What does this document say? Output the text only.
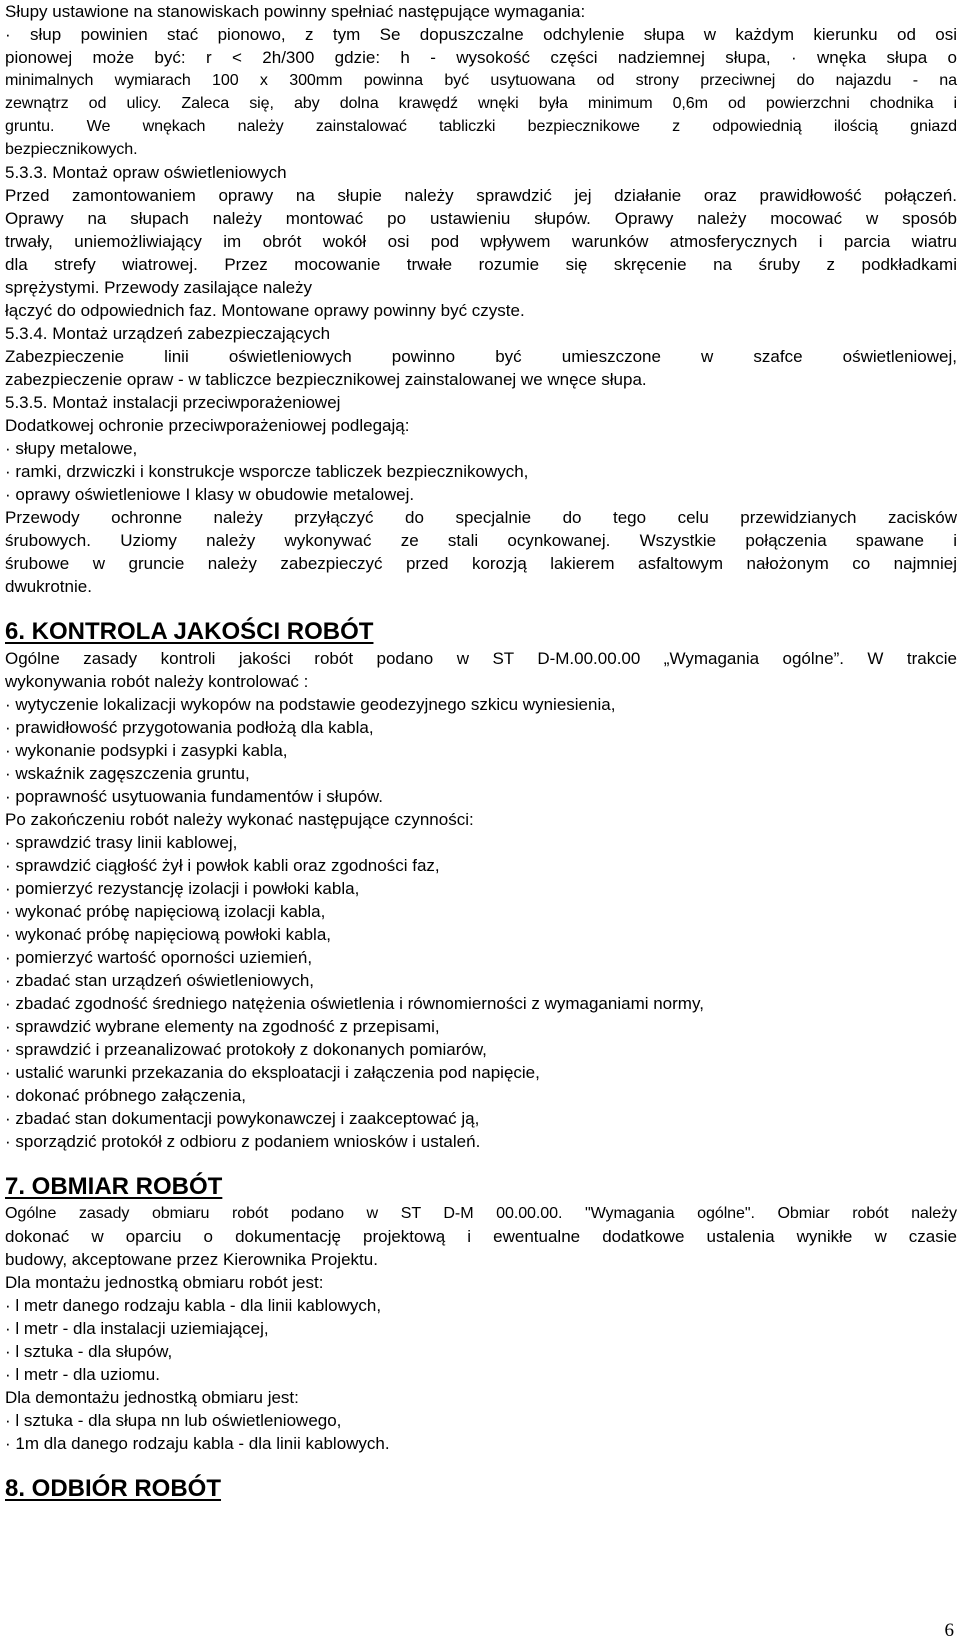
Słupy ustawione na stanowiskach powinny spełniać następujące wymagania:
· słup powinien stać pionowo, z tym Se dopuszczalne odchylenie słupa w każdym kierunku od osi
pionowej może być: r < 2h/300 gdzie: h - wysokość części nadziemnej słupa, · wnęka słupa o
minimalnych wymiarach 100 x 300mm powinna być usytuowana od strony przeciwnej do najazdu - na
zewnątrz od ulicy. Zaleca się, aby dolna krawędź wnęki była minimum 0,6m od powierzchni chodnika i
gruntu. We wnękach należy zainstalować tabliczki bezpiecznikowe z odpowiednią ilością gniazd
bezpiecznikowych.
5.3.3. Montaż opraw oświetleniowych
Przed zamontowaniem oprawy na słupie należy sprawdzić jej działanie oraz prawidłowość połączeń.
Oprawy na słupach należy montować po ustawieniu słupów. Oprawy należy mocować w sposób
trwały, uniemożliwiający im obrót wokół osi pod wpływem warunków atmosferycznych i parcia wiatru
dla strefy wiatrowej. Przez mocowanie trwałe rozumie się skręcenie na śruby z podkładkami
sprężystymi. Przewody zasilające należy
łączyć do odpowiednich faz. Montowane oprawy powinny być czyste.
5.3.4. Montaż urządzeń zabezpieczających
Zabezpieczenie linii oświetleniowych powinno być umieszczone w szafce oświetleniowej,
zabezpieczenie opraw - w tabliczce bezpiecznikowej zainstalowanej we wnęce słupa.
5.3.5. Montaż instalacji przeciwporażeniowej
Dodatkowej ochronie przeciwporażeniowej podlegają:
· słupy metalowe,
· ramki, drzwiczki i konstrukcje wsporcze tabliczek bezpiecznikowych,
· oprawy oświetleniowe I klasy w obudowie metalowej.
Przewody ochronne należy przyłączyć do specjalnie do tego celu przewidzianych zacisków
śrubowych. Uziomy należy wykonywać ze stali ocynkowanej. Wszystkie połączenia spawane i
śrubowe w gruncie należy zabezpieczyć przed korozją lakierem asfaltowym nałożonym co najmniej
dwukrotnie.
6. KONTROLA JAKOŚCI ROBÓT
Ogólne zasady kontroli jakości robót podano w ST D-M.00.00.00 „Wymagania ogólne”. W trakcie
wykonywania robót należy kontrolować :
· wytyczenie lokalizacji wykopów na podstawie geodezyjnego szkicu wyniesienia,
· prawidłowość przygotowania podłożą dla kabla,
· wykonanie podsypki i zasypki kabla,
· wskaźnik zagęszczenia gruntu,
· poprawność usytuowania fundamentów i słupów.
Po zakończeniu robót należy wykonać następujące czynności:
· sprawdzić trasy linii kablowej,
· sprawdzić ciągłość żył i powłok kabli oraz zgodności faz,
· pomierzyć rezystancję izolacji i powłoki kabla,
· wykonać próbę napięciową izolacji kabla,
· wykonać próbę napięciową powłoki kabla,
· pomierzyć wartość oporności uziemień,
· zbadać stan urządzeń oświetleniowych,
· zbadać zgodność średniego natężenia oświetlenia i równomierności z wymaganiami normy,
· sprawdzić wybrane elementy na zgodność z przepisami,
· sprawdzić i przeanalizować protokoły z dokonanych pomiarów,
· ustalić warunki przekazania do eksploatacji i załączenia pod napięcie,
· dokonać próbnego załączenia,
· zbadać stan dokumentacji powykonawczej i zaakceptować ją,
· sporządzić protokół z odbioru z podaniem wniosków i ustaleń.
7. OBMIAR ROBÓT
Ogólne zasady obmiaru robót podano w ST D-M 00.00.00. "Wymagania ogólne". Obmiar robót należy
dokonać w oparciu o dokumentację projektową i ewentualne dodatkowe ustalenia wynikłe w czasie
budowy, akceptowane przez Kierownika Projektu.
Dla montażu jednostką obmiaru robót jest:
· l metr danego rodzaju kabla - dla linii kablowych,
· l metr - dla instalacji uziemiającej,
· l sztuka - dla słupów,
· l metr - dla uziomu.
Dla demontażu jednostką obmiaru jest:
· l sztuka - dla słupa nn lub oświetleniowego,
· 1m dla danego rodzaju kabla - dla linii kablowych.
8. ODBIÓR ROBÓT
6
